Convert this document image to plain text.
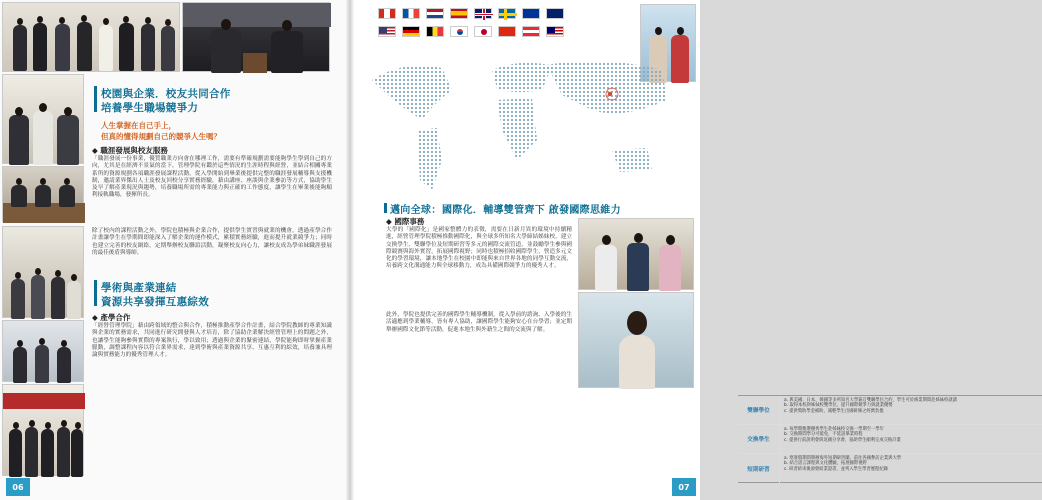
校園與企業．校友共同合作
培養學生職場競爭力
人生掌握在自己手上，
但真的懂得規劃自己的競爭人生嗎？
◆ 職涯發展與校友服務
「職涯發展一份事業，優質職業方向會在哪裡工作，需要有準確規劃需要能夠學生學到自己的方向，尤其是在經濟不景氣的當下，管理學院有鑑於這些情況的生涯時程與經營，並結合相關專業系所的資源規劃各項職涯發展課程活動，從入學開始到畢業後提供完整的職涯發展輔導與支援機制，邀請業界傑出人士及校友回校分享實務經驗，藉由講座、座談與企業參訪等方式，協助學生及早了解產業現況與趨勢，培養職場所需的專業能力與正確的工作態度，讓學生在畢業後能夠順利接軌職場，發揮所長。
除了校內的課程活動之外，學院也積極與企業合作，提供學生實習與就業的機會，透過產學合作計畫讓學生在學期間即能深入了解企業的運作模式，累積實務經驗，進而提升就業競爭力；同時也建立完善的校友網絡，定期舉辦校友聯誼活動，凝聚校友向心力，讓校友成為學弟妹職涯發展的最佳後盾與導師。
學術與產業連結
資源共享發揮互惠綜效
◆ 產學合作
「經營管理學院」藉由跨領域的整合與合作，積極推動產學合作計畫，結合學院教師的專業知識與企業的實務需求，共同進行研究開發與人才培育，除了協助企業解決經營管理上的問題之外，也讓學生能夠參與實際的專案執行，學以致用；透過與企業的緊密連結，學院能夠即時掌握產業脈動，調整課程內容以符合業界需求，達到學術與產業資源共享、互惠互利的綜效，培養兼具理論與實務能力的優秀管理人才。
06
邁向全球： 國際化．輔導雙管齊下 啟發國際思維力
◆ 國際事務
大學的「國際化」是國家整體力的表徵，需要在日新月異的環境中持續精進，經營管理學院積極推動國際化，與全球多所知名大學締結姊妹校，建立交換學生、雙聯學位及短期研習等多元的國際交流管道，並鼓勵學生參與國際競賽與海外實習，拓展國際視野；同時也積極招收國際學生，營造多元文化的學習環境，讓本地學生在校園中即能與來自世界各地的同學互動交流，培養跨文化溝通能力與全球移動力，成為具備國際競爭力的優秀人才。
此外，學院也提供完善的國際學生輔導機制，從入學前的諮詢、入學後的生活適應到學業輔導，皆有專人協助，讓國際學生能夠安心在台學習；並定期舉辦國際文化節等活動，促進本地生與外籍生之間的交流與了解。
雙聯學位
a. 與美國、日本、韓國等多所知名大學簽訂雙聯學位合約，學生可於修業期間赴姊妹校就讀
b. 取得本校與姊妹校雙學位，提升國際競爭力與就業優勢
c. 提供獎助學金補助，減輕學生出國研修之經濟負擔
交換學生
a. 每學期甄選優秀學生赴姊妹校交換一學期至一學年
b. 交換期間學分可抵免，不延誤畢業時程
c. 提供行前說明會與返國分享會，協助學生順利完成交換計畫
短期研習
a. 寒暑假期間舉辦海外短期研習團，前往各國參訪企業與大學
b. 結合語言課程與文化體驗，拓展國際視野
c. 研習結束後頒發結業證書，並列入學生學習歷程紀錄
07
